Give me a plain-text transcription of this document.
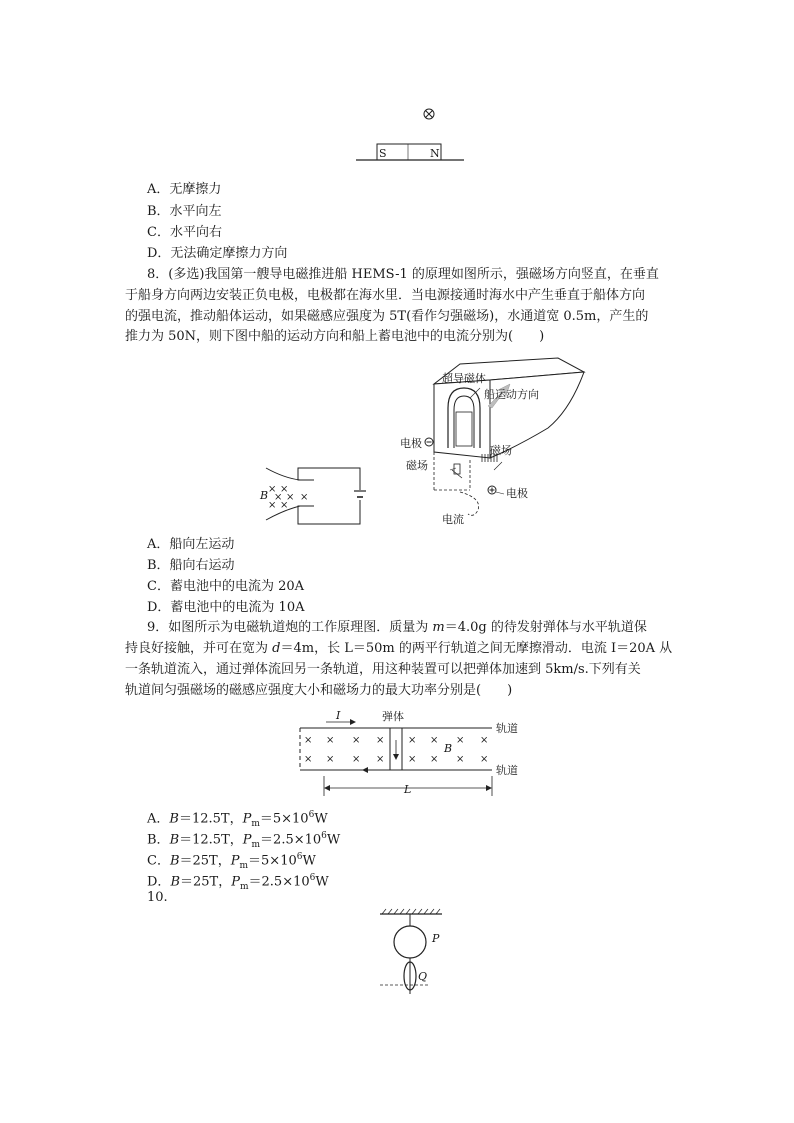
S	N
A．无摩擦力
B．水平向左
C．水平向右
D．无法确定摩擦力方向
8．(多选)我国第一艘导电磁推进船 HEMS-1 的原理如图所示，强磁场方向竖直，在垂直
于船身方向两边安装正负电极，电极都在海水里．当电源接通时海水中产生垂直于船体方向
的强电流，推动船体运动，如果磁感应强度为 5T(看作匀强磁场)，水通道宽 0.5m，产生的
推力为 50N，则下图中船的运动方向和船上蓄电池中的电流分别为(　　)
B × ×
× ×
× ×
×
超导磁体
船运动方向
电极
磁场
磁场
电极
电流
A．船向左运动
B．船向右运动
C．蓄电池中的电流为 20A
D．蓄电池中的电流为 10A
9．如图所示为电磁轨道炮的工作原理图．质量为 m＝4.0g 的待发射弹体与水平轨道保
持良好接触，并可在宽为 d＝4m，长 L＝50m 的两平行轨道之间无摩擦滑动．电流 I＝20A 从
一条轨道流入，通过弹体流回另一条轨道，用这种装置可以把弹体加速到 5km/s.下列有关
轨道间匀强磁场的磁感应强度大小和磁场力的最大功率分别是(　　)
I	弹体
轨道
轨道
B
L
× × × × × × × ×
× × × × × × × ×
A．B＝12.5T，$P_m=5\times 10^6W$
B．B＝12.5T，$P_m=2.5\times 10^6W$
C．B＝25T，$P_m=5\times 10^6W$
D．B＝25T，$P_m=2.5\times 10^6W$
10.
P
Q
